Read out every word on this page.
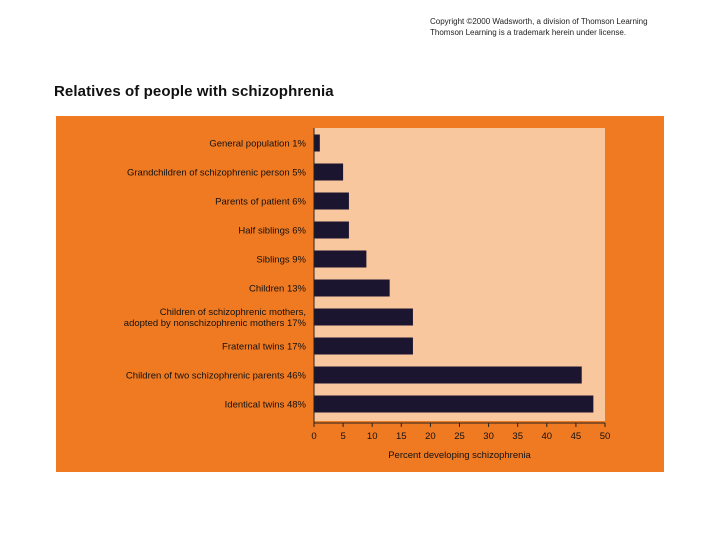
Copyright ©2000 Wadsworth, a division of Thomson Learning
Thomson Learning is a trademark herein under license.
Relatives of people with schizophrenia
General population 1%
Grandchildren of schizophrenic person 5%
Parents of patient 6%
Half siblings 6%
Siblings 9%
Children 13%
Children of schizophrenic mothers, adopted by nonschizophrenic mothers 17%
Fraternal twins 17%
Children of two schizophrenic parents 46%
Identical twins 48%
0	5 10 15 20 25 30 35 40 45 50
Percent developing schizophrenia
